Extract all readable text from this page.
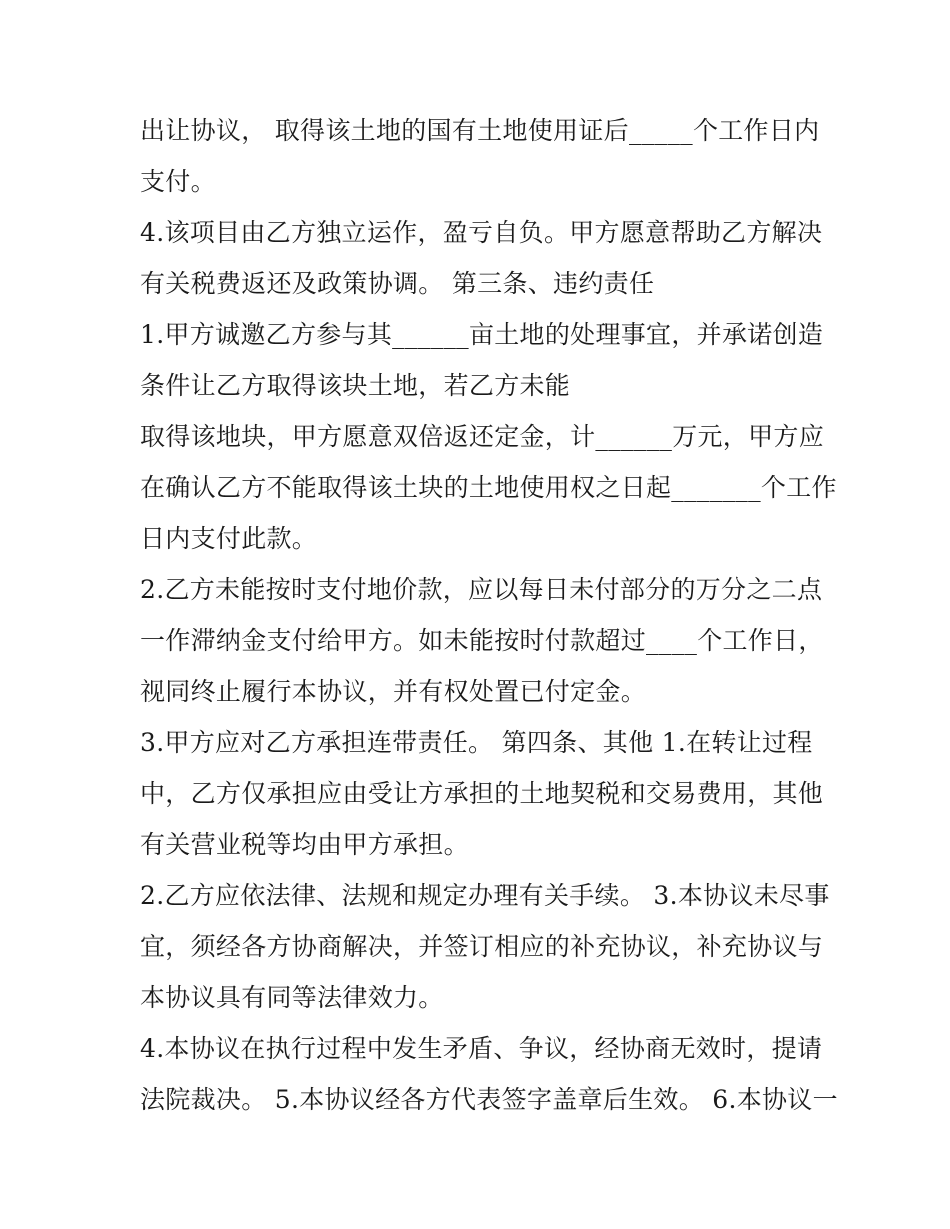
出让协议， 取得该土地的国有土地使用证后_____个工作日内
支付。
4.该项目由乙方独立运作，盈亏自负。甲方愿意帮助乙方解决
有关税费返还及政策协调。 第三条、违约责任
1.甲方诚邀乙方参与其______亩土地的处理事宜，并承诺创造
条件让乙方取得该块土地，若乙方未能
取得该地块，甲方愿意双倍返还定金，计______万元，甲方应
在确认乙方不能取得该土块的土地使用权之日起_______个工作
日内支付此款。
2.乙方未能按时支付地价款，应以每日未付部分的万分之二点
一作滞纳金支付给甲方。如未能按时付款超过____个工作日，
视同终止履行本协议，并有权处置已付定金。
3.甲方应对乙方承担连带责任。 第四条、其他 1.在转让过程
中，乙方仅承担应由受让方承担的土地契税和交易费用，其他
有关营业税等均由甲方承担。
2.乙方应依法律、法规和规定办理有关手续。 3.本协议未尽事
宜，须经各方协商解决，并签订相应的补充协议，补充协议与
本协议具有同等法律效力。
4.本协议在执行过程中发生矛盾、争议，经协商无效时，提请
法院裁决。 5.本协议经各方代表签字盖章后生效。 6.本协议一
